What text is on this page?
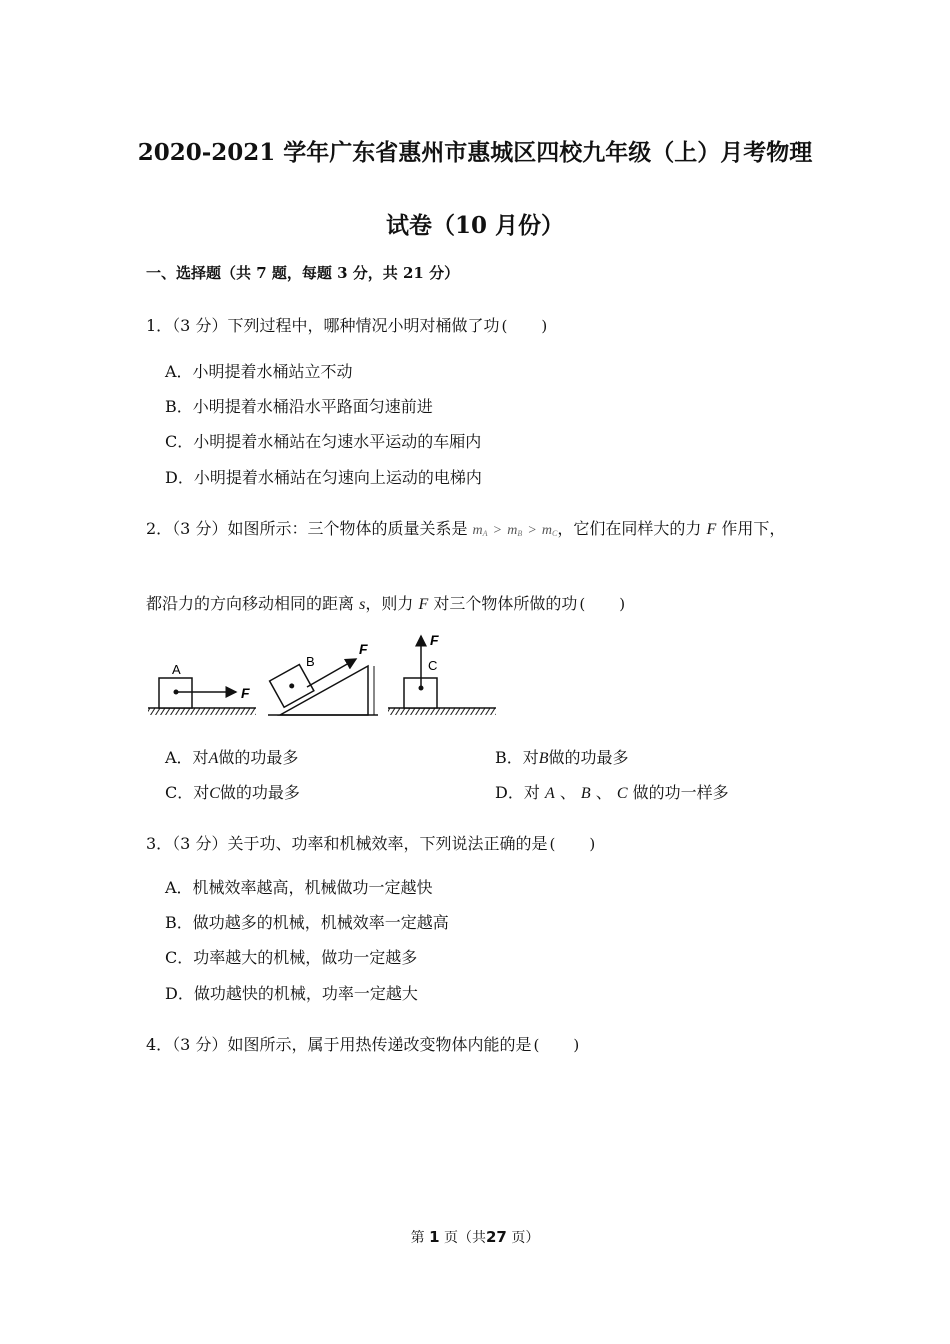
2020-2021 学年广东省惠州市惠城区四校九年级（上）月考物理
试卷（10 月份）
一、选择题（共 7 题，每题 3 分，共 21 分）
1．（3 分）下列过程中，哪种情况小明对桶做了功 ( )
A．小明提着水桶站立不动
B．小明提着水桶沿水平路面匀速前进
C．小明提着水桶站在匀速水平运动的车厢内
D．小明提着水桶站在匀速向上运动的电梯内
2．（3 分）如图所示：三个物体的质量关系是 $m_A > m_B > m_C$，它们在同样大的力 F 作用下，
都沿力的方向移动相同的距离 s，则力 F 对三个物体所做的功 ( )
A
F
B
F
C
F
A．对A做的功最多	B．对B做的功最多
C．对C做的功最多	D．对 A 、 B 、 C 做的功一样多
3．（3 分）关于功、功率和机械效率，下列说法正确的是 ( )
A．机械效率越高，机械做功一定越快
B．做功越多的机械，机械效率一定越高
C．功率越大的机械，做功一定越多
D．做功越快的机械，功率一定越大
4．（3 分）如图所示，属于用热传递改变物体内能的是 ( )
第 1 页（共27 页）
